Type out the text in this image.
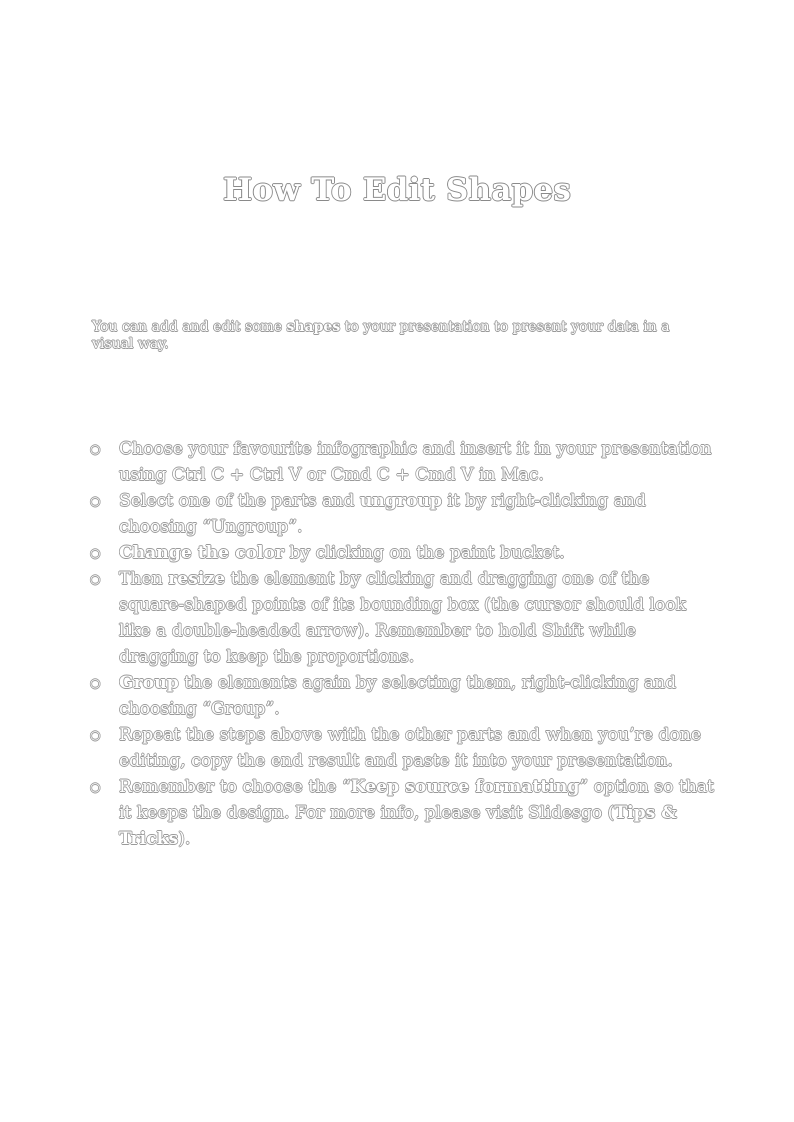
How To Edit Shapes

You can add and edit some shapes to your presentation to present your data in a visual way.

○ Choose your favourite infographic and insert it in your presentation using Ctrl C + Ctrl V or Cmd C + Cmd V in Mac.
○ Select one of the parts and ungroup it by right-clicking and choosing “Ungroup”.
○ Change the color by clicking on the paint bucket.
○ Then resize the element by clicking and dragging one of the square-shaped points of its bounding box (the cursor should look like a double-headed arrow). Remember to hold Shift while dragging to keep the proportions.
○ Group the elements again by selecting them, right-clicking and choosing “Group”.
○ Repeat the steps above with the other parts and when you’re done editing, copy the end result and paste it into your presentation.
○ Remember to choose the “Keep source formatting” option so that it keeps the design. For more info, please visit Slidesgo (Tips & Tricks).
